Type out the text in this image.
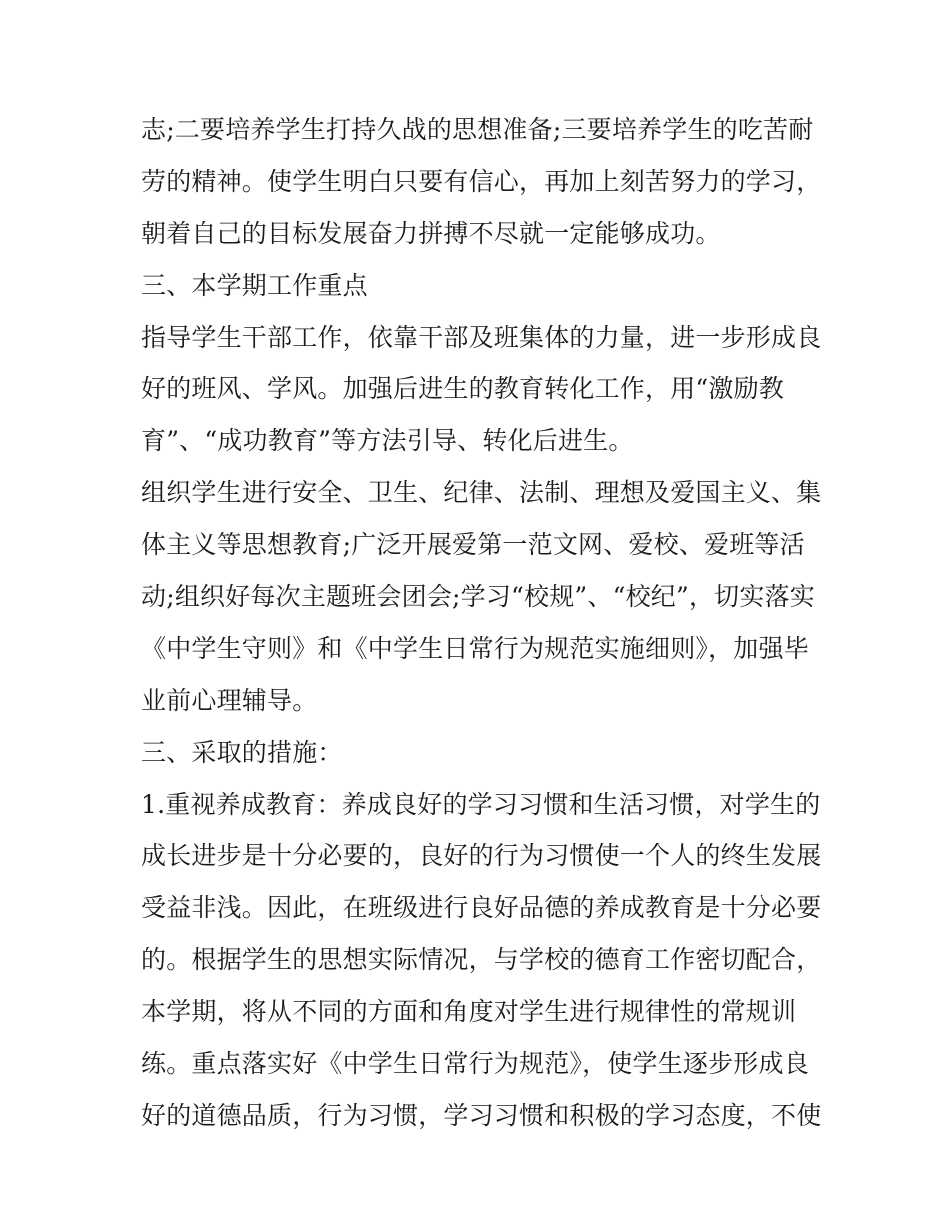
志;二要培养学生打持久战的思想准备;三要培养学生的吃苦耐
劳的精神。使学生明白只要有信心，再加上刻苦努力的学习，
朝着自己的目标发展奋力拼搏不尽就一定能够成功。
三、本学期工作重点
指导学生干部工作，依靠干部及班集体的力量，进一步形成良
好的班风、学风。加强后进生的教育转化工作，用“激励教
育”、“成功教育”等方法引导、转化后进生。
组织学生进行安全、卫生、纪律、法制、理想及爱国主义、集
体主义等思想教育;广泛开展爱第一范文网、爱校、爱班等活
动;组织好每次主题班会团会;学习“校规”、“校纪”，切实落实
《中学生守则》和《中学生日常行为规范实施细则》，加强毕
业前心理辅导。
三、采取的措施：
1.重视养成教育：养成良好的学习习惯和生活习惯，对学生的
成长进步是十分必要的，良好的行为习惯使一个人的终生发展
受益非浅。因此，在班级进行良好品德的养成教育是十分必要
的。根据学生的思想实际情况，与学校的德育工作密切配合，
本学期，将从不同的方面和角度对学生进行规律性的常规训
练。重点落实好《中学生日常行为规范》，使学生逐步形成良
好的道德品质，行为习惯，学习习惯和积极的学习态度，不使
